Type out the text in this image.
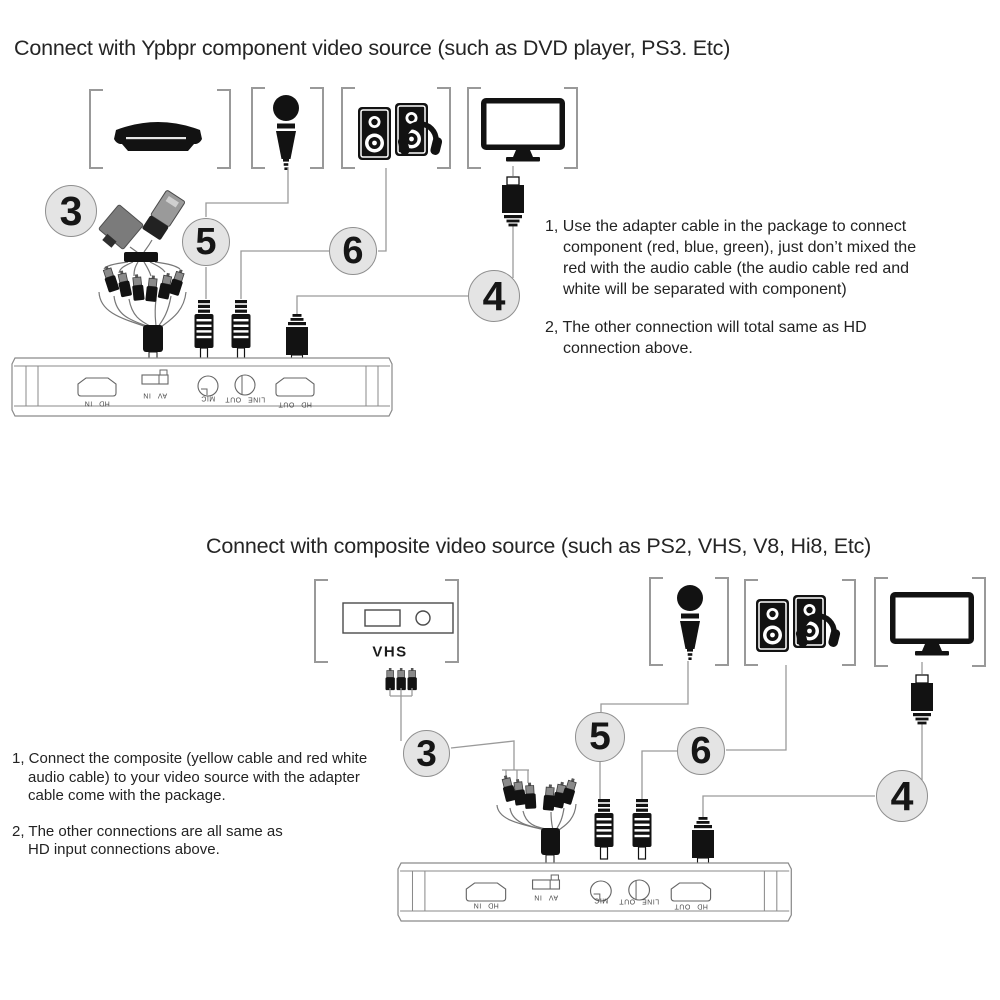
Connect with Ypbpr component video source (such as DVD player, PS3. Etc)
Connect with composite video source (such as PS2, VHS, V8, Hi8, Etc)
3
5	6
4
3	5	6
4
1, Use the adapter cable in the package to connect
component (red, blue, green), just don’t mixed the
red with the audio cable (the audio cable red and
white will be separated with component)
2, The other connection will total same as HD
connection above.
1, Connect the composite (yellow cable and red white
audio cable) to your video source with the adapter
cable come with the package.
2, The other connections are all same as
HD input connections above.
VHS
HD IN
AV IN	MIC LINE OUT
HD OUT
HD IN
AV IN	MIC LINE OUT
HD OUT
